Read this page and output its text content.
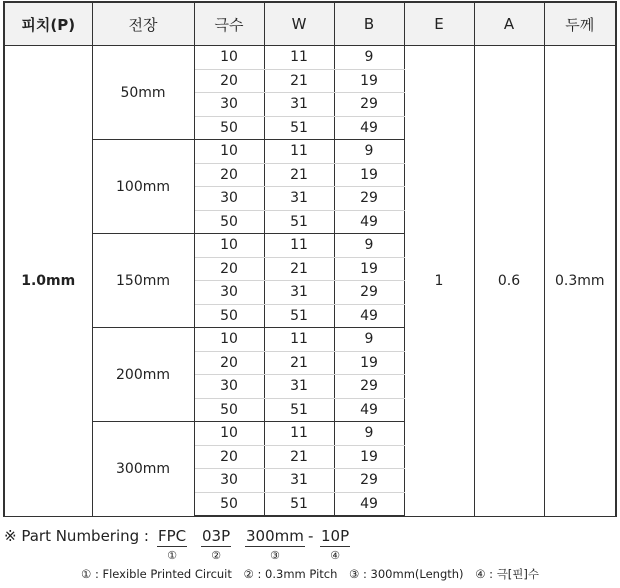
피치(P)	전장	극수	W	B	E	A	두께
1.0mm	50mm	10	11	9	1	0.6	0.3mm
		20	21	19			
		30	31	29			
		50	51	49			
	100mm	10	11	9			
		20	21	19			
		30	31	29			
		50	51	49			
	150mm	10	11	9			
		20	21	19			
		30	31	29			
		50	51	49			
	200mm	10	11	9			
		20	21	19			
		30	31	29			
		50	51	49			
	300mm	10	11	9			
		20	21	19			
		30	31	29			
		50	51	49			
※ Part Numbering : FPC
①
03P
②
300mm
③
- 10P
④
① : Flexible Printed Circuit ② : 0.3mm Pitch ③ : 300mm(Length) ④ : 극[핀]수
